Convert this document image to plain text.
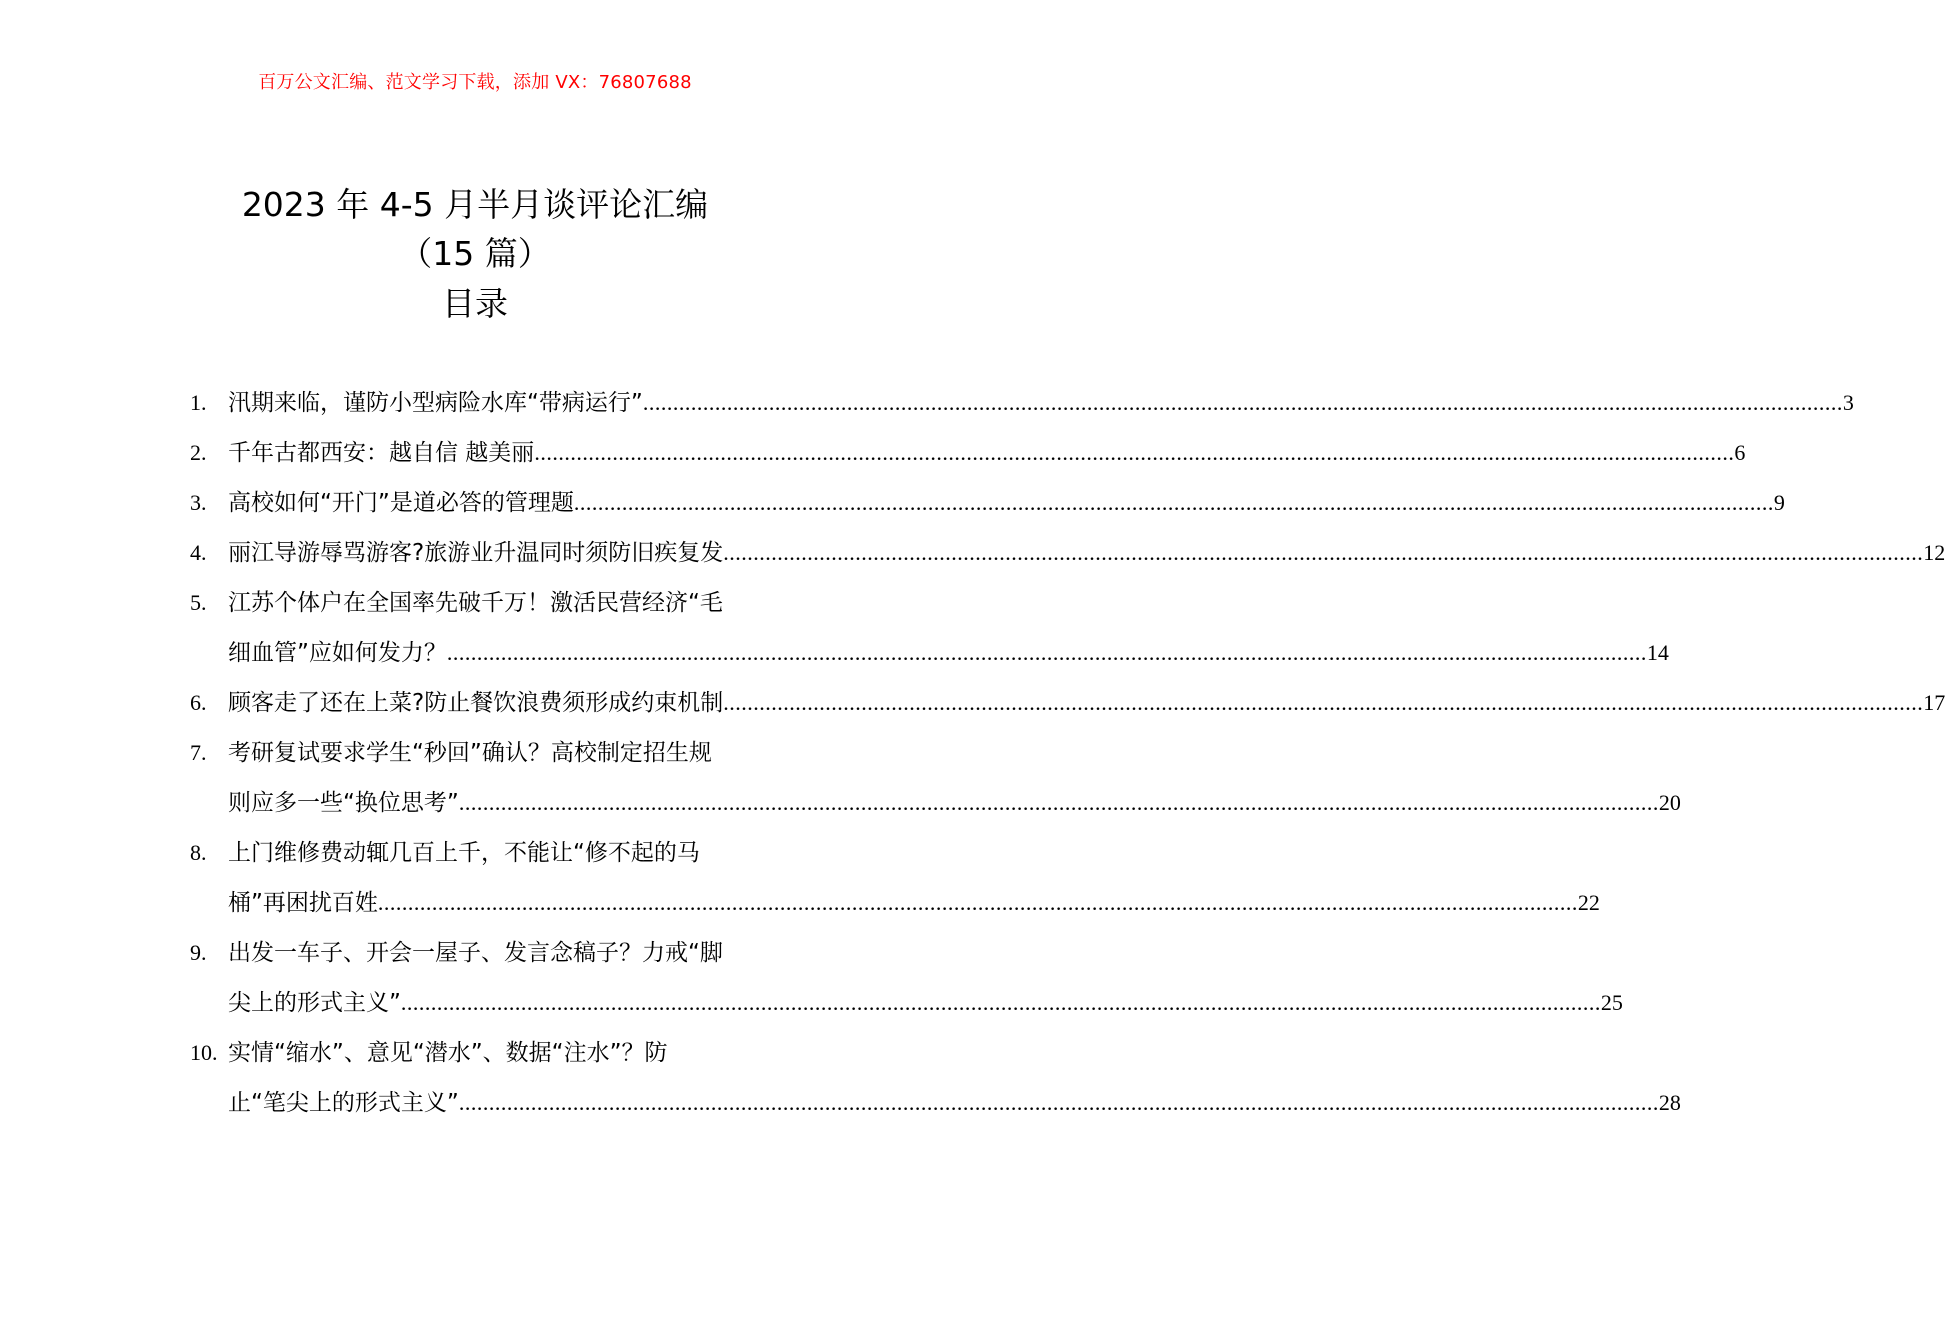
百万公文汇编、范文学习下载，添加 VX：76807688
2023 年 4-5 月半月谈评论汇编
（15 篇）
目录
1. 汛期来临，谨防小型病险水库“带病运行” ........................................................................................................................................................................................................ 3
2. 千年古都西安：越自信 越美丽 ........................................................................................................................................................................................................ 6
3. 高校如何“开门”是道必答的管理题 ........................................................................................................................................................................................................ 9
4. 丽江导游辱骂游客?旅游业升温同时须防旧疾复发 ........................................................................................................................................................................................................ 12
5. 江苏个体户在全国率先破千万！激活民营经济“毛
细血管”应如何发力？ ........................................................................................................................................................................................................ 14
6. 顾客走了还在上菜?防止餐饮浪费须形成约束机制 ........................................................................................................................................................................................................ 17
7. 考研复试要求学生“秒回”确认？高校制定招生规
则应多一些“换位思考” ........................................................................................................................................................................................................ 20
8. 上门维修费动辄几百上千，不能让“修不起的马
桶”再困扰百姓 ........................................................................................................................................................................................................ 22
9. 出发一车子、开会一屋子、发言念稿子？力戒“脚
尖上的形式主义” ........................................................................................................................................................................................................ 25
10. 实情“缩水”、意见“潜水”、数据“注水”？防
止“笔尖上的形式主义” ........................................................................................................................................................................................................ 28
